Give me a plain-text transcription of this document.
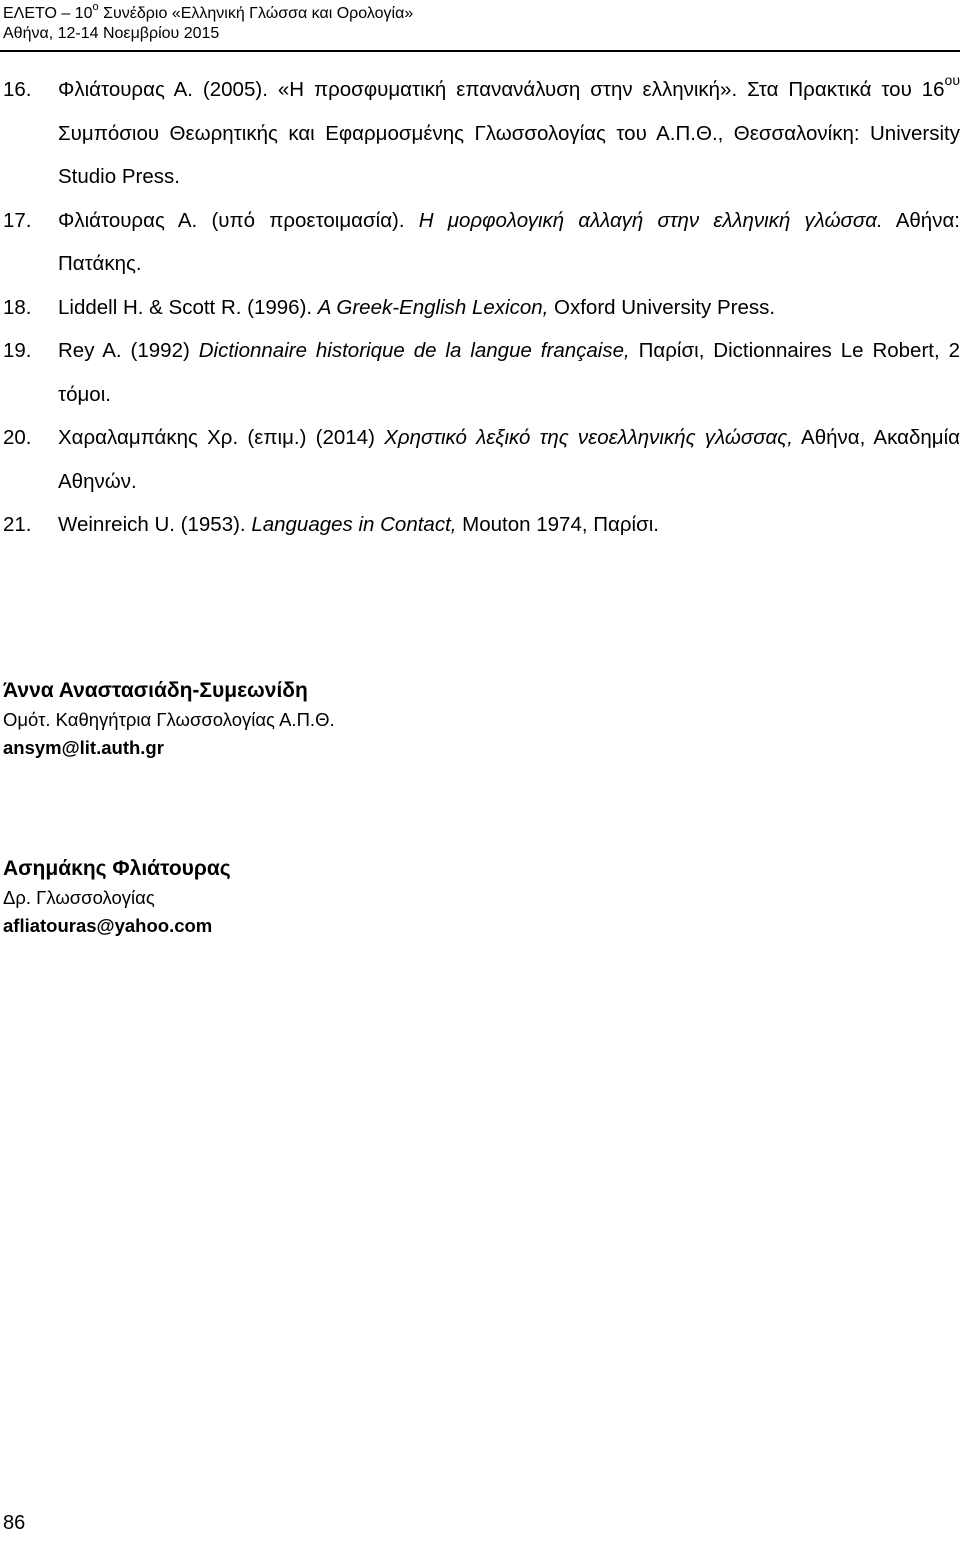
ΕΛΕΤΟ – $10^o$ Συνέδριο «Ελληνική Γλώσσα και Ορολογία»
Αθήνα, 12-14 Νοεμβρίου 2015
16. Φλιάτουρας Α. (2005). «Η προσφυματική επανανάλυση στην ελληνική». Στα Πρακτικά του $16^{o\upsilon}$ Συμπόσιου Θεωρητικής και Εφαρμοσμένης Γλωσσολογίας του Α.Π.Θ., Θεσσαλονίκη: University Studio Press.
17. Φλιάτουρας Α. (υπό προετοιμασία). Η μορφολογική αλλαγή στην ελληνική γλώσσα. Αθήνα: Πατάκης.
18. Liddell H. & Scott R. (1996). A Greek-English Lexicon, Oxford University Press.
19. Rey A. (1992) Dictionnaire historique de la langue française, Παρίσι, Dictionnaires Le Robert, 2 τόμοι.
20. Χαραλαμπάκης Χρ. (επιμ.) (2014) Χρηστικό λεξικό της νεοελληνικής γλώσσας, Αθήνα, Ακαδημία Αθηνών.
21. Weinreich U. (1953). Languages in Contact, Mouton 1974, Παρίσι.
Άννα Αναστασιάδη-Συμεωνίδη
Ομότ. Καθηγήτρια Γλωσσολογίας Α.Π.Θ.
ansym@lit.auth.gr
Ασημάκης Φλιάτουρας
Δρ. Γλωσσολογίας
afliatouras@yahoo.com
86
